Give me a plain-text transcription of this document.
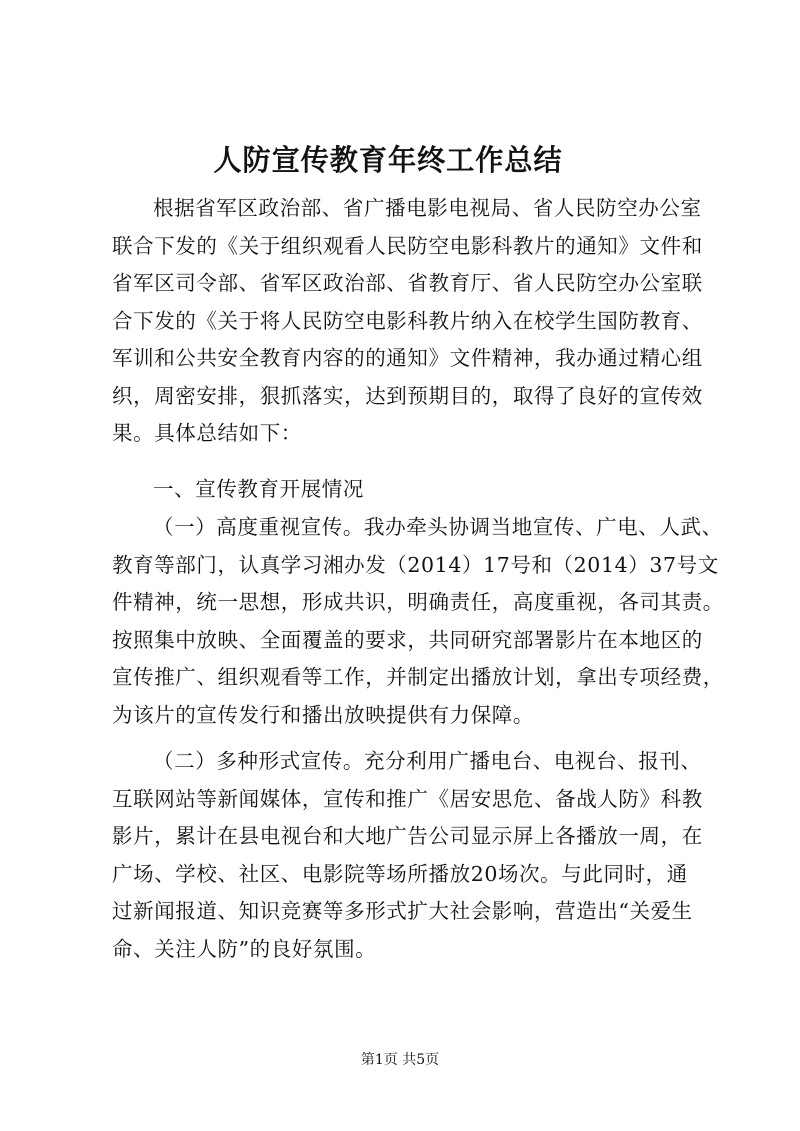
人防宣传教育年终工作总结
根据省军区政治部、省广播电影电视局、省人民防空办公室
联合下发的《关于组织观看人民防空电影科教片的通知》文件和
省军区司令部、省军区政治部、省教育厅、省人民防空办公室联
合下发的《关于将人民防空电影科教片纳入在校学生国防教育、
军训和公共安全教育内容的的通知》文件精神，我办通过精心组
织，周密安排，狠抓落实，达到预期目的，取得了良好的宣传效
果。具体总结如下：
一、宣传教育开展情况
（一）高度重视宣传。我办牵头协调当地宣传、广电、人武、
教育等部门，认真学习湘办发（2014）17号和（2014）37号文
件精神，统一思想，形成共识，明确责任，高度重视，各司其责。
按照集中放映、全面覆盖的要求，共同研究部署影片在本地区的
宣传推广、组织观看等工作，并制定出播放计划，拿出专项经费，
为该片的宣传发行和播出放映提供有力保障。
（二）多种形式宣传。充分利用广播电台、电视台、报刊、
互联网站等新闻媒体，宣传和推广《居安思危、备战人防》科教
影片，累计在县电视台和大地广告公司显示屏上各播放一周，在
广场、学校、社区、电影院等场所播放20场次。与此同时，通
过新闻报道、知识竞赛等多形式扩大社会影响，营造出“关爱生
命、关注人防”的良好氛围。
第1页 共5页
